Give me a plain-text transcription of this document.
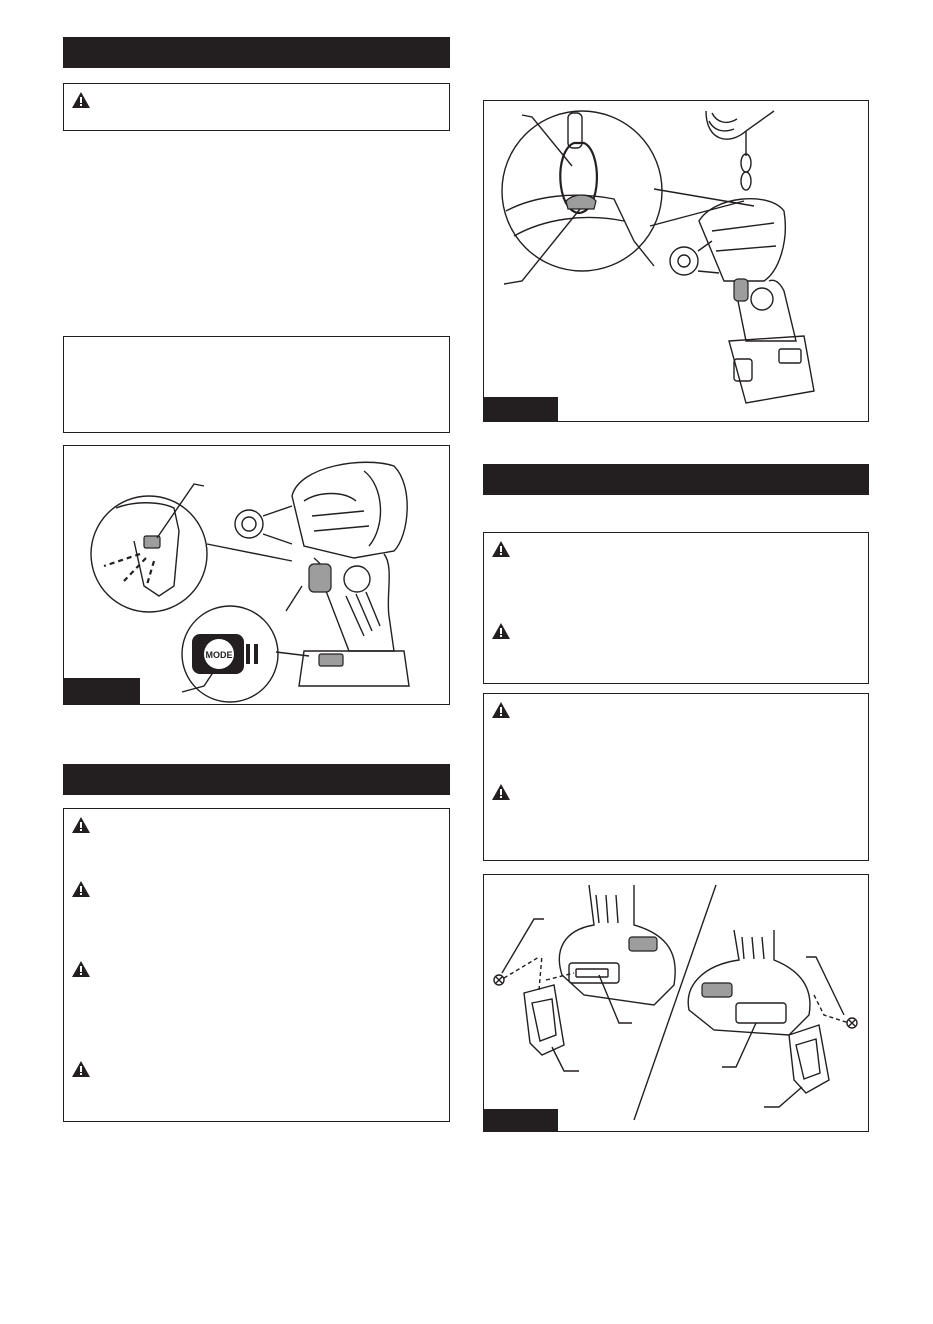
MODE
